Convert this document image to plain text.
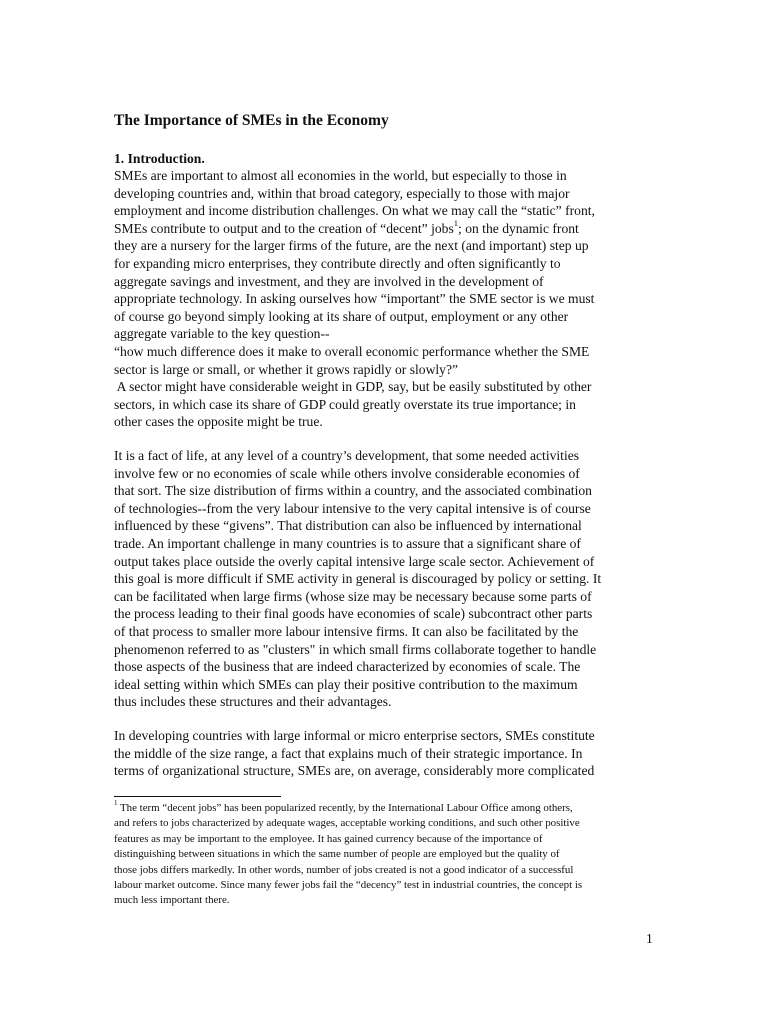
The Importance of SMEs in the Economy
1. Introduction.
SMEs are important to almost all economies in the world, but especially to those in
developing countries and, within that broad category, especially to those with major
employment and income distribution challenges. On what we may call the “static” front,
SMEs contribute to output and to the creation of “decent” jobs$^1$; on the dynamic front
they are a nursery for the larger firms of the future, are the next (and important) step up
for expanding micro enterprises, they contribute directly and often significantly to
aggregate savings and investment, and they are involved in the development of
appropriate technology. In asking ourselves how “important” the SME sector is we must
of course go beyond simply looking at its share of output, employment or any other
aggregate variable to the key question--
“how much difference does it make to overall economic performance whether the SME
sector is large or small, or whether it grows rapidly or slowly?”
A sector might have considerable weight in GDP, say, but be easily substituted by other
sectors, in which case its share of GDP could greatly overstate its true importance; in
other cases the opposite might be true.
It is a fact of life, at any level of a country’s development, that some needed activities
involve few or no economies of scale while others involve considerable economies of
that sort. The size distribution of firms within a country, and the associated combination
of technologies--from the very labour intensive to the very capital intensive is of course
influenced by these “givens”. That distribution can also be influenced by international
trade. An important challenge in many countries is to assure that a significant share of
output takes place outside the overly capital intensive large scale sector. Achievement of
this goal is more difficult if SME activity in general is discouraged by policy or setting. It
can be facilitated when large firms (whose size may be necessary because some parts of
the process leading to their final goods have economies of scale) subcontract other parts
of that process to smaller more labour intensive firms. It can also be facilitated by the
phenomenon referred to as "clusters" in which small firms collaborate together to handle
those aspects of the business that are indeed characterized by economies of scale. The
ideal setting within which SMEs can play their positive contribution to the maximum
thus includes these structures and their advantages.
In developing countries with large informal or micro enterprise sectors, SMEs constitute
the middle of the size range, a fact that explains much of their strategic importance. In
terms of organizational structure, SMEs are, on average, considerably more complicated
$^1$ The term “decent jobs” has been popularized recently, by the International Labour Office among others,
and refers to jobs characterized by adequate wages, acceptable working conditions, and such other positive
features as may be important to the employee. It has gained currency because of the importance of
distinguishing between situations in which the same number of people are employed but the quality of
those jobs differs markedly. In other words, number of jobs created is not a good indicator of a successful
labour market outcome. Since many fewer jobs fail the “decency” test in industrial countries, the concept is
much less important there.
1
